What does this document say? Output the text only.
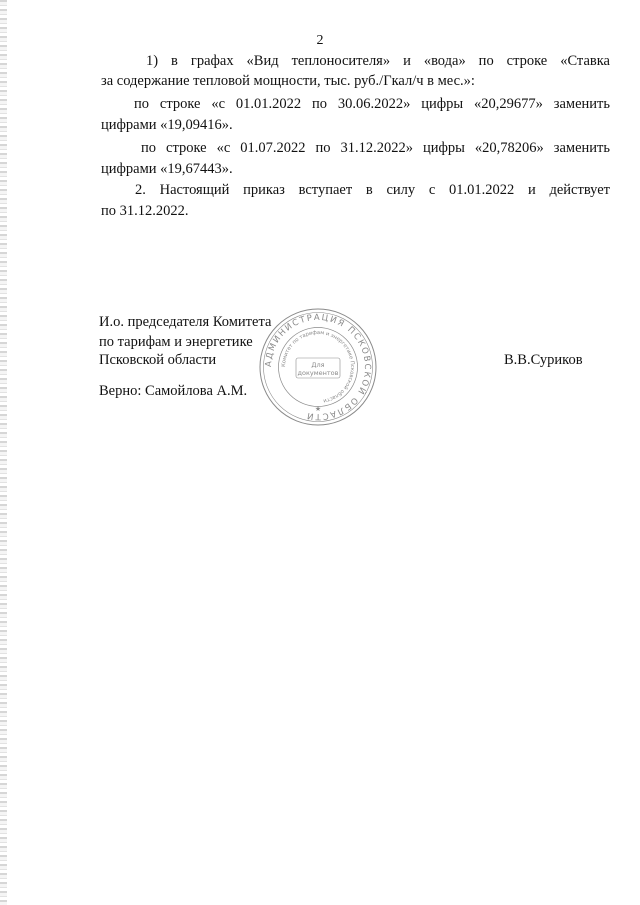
2
1) в графах «Вид теплоносителя» и «вода» по строке «Ставка
за содержание тепловой мощности, тыс. руб./Гкал/ч в мес.»:
по строке «с 01.01.2022 по 30.06.2022» цифры «20,29677» заменить
цифрами «19,09416».
по строке «с 01.07.2022 по 31.12.2022» цифры «20,78206» заменить
цифрами «19,67443».
2. Настоящий приказ вступает в силу с 01.01.2022 и действует
по 31.12.2022.
И.о. председателя Комитета
по тарифам и энергетике
Псковской области	В.В.Суриков
Верно: Самойлова А.М.
АДМИНИСТРАЦИЯ ПСКОВСКОЙ ОБЛАСТИ
Комитет по тарифам и энергетике Псковской области
Для
документов
★
